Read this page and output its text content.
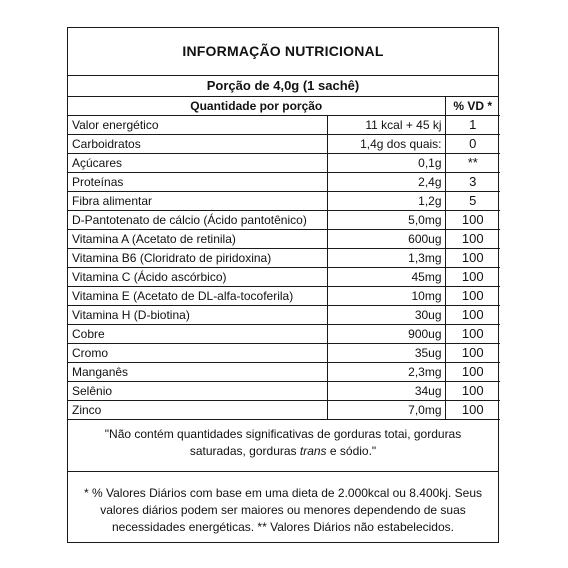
INFORMAÇÃO NUTRICIONAL
Porção de 4,0g (1 sachê)
Quantidade por porção		% VD *
Valor energético	11 kcal + 45 kj	1
Carboidratos	1,4g dos quais:	0
Açúcares	0,1g	**
Proteínas	2,4g	3
Fibra alimentar	1,2g	5
D-Pantotenato de cálcio (Ácido pantotênico)	5,0mg	100
Vitamina A (Acetato de retinila)	600ug	100
Vitamina B6 (Cloridrato de piridoxina)	1,3mg	100
Vitamina C (Ácido ascórbico)	45mg	100
Vitamina E (Acetato de DL-alfa-tocoferila)	10mg	100
Vitamina H (D-biotina)	30ug	100
Cobre	900ug	100
Cromo	35ug	100
Manganês	2,3mg	100
Selênio	34ug	100
Zinco	7,0mg	100
"Não contém quantidades significativas de gorduras totai, gorduras saturadas, gorduras trans e sódio."
* % Valores Diários com base em uma dieta de 2.000kcal ou 8.400kj. Seus valores diários podem ser maiores ou menores dependendo de suas necessidades energéticas. ** Valores Diários não estabelecidos.
